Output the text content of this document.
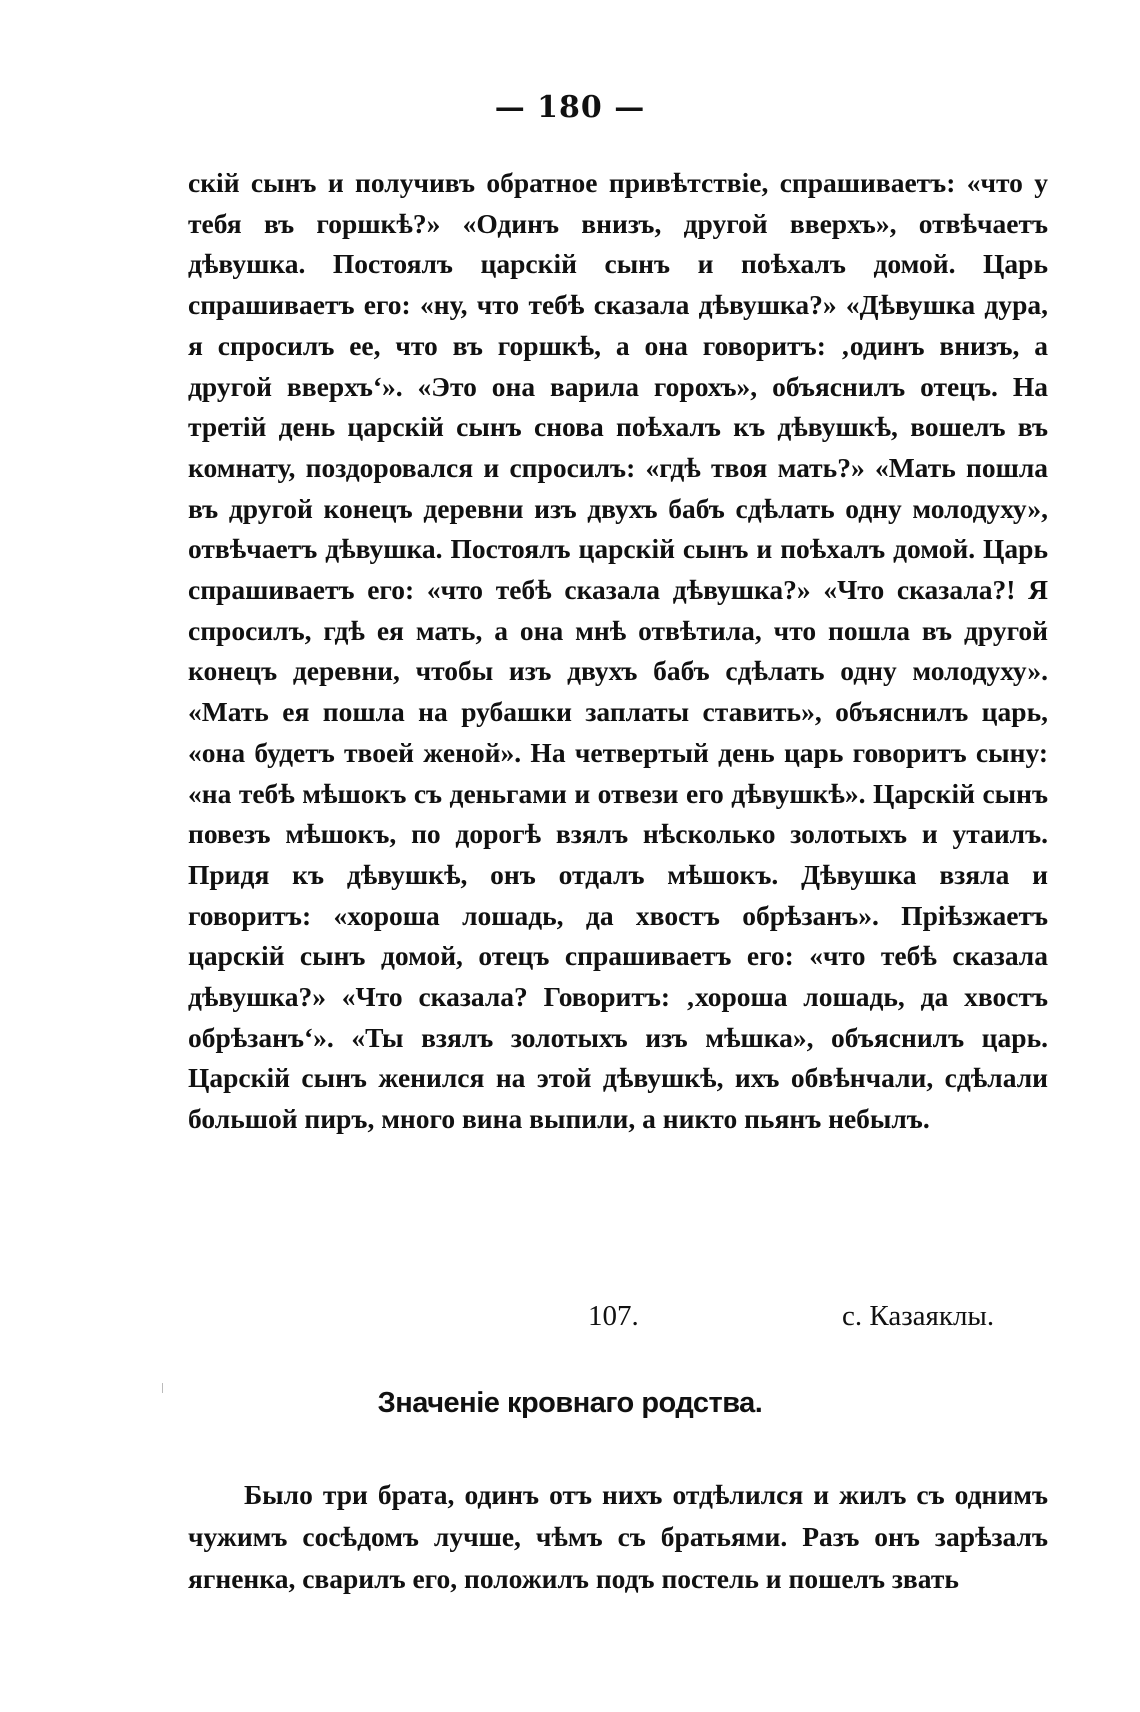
— 180 —

скій сынъ и получивъ обратное привѣтствіе, спрашиваетъ: «что у тебя въ горшкѣ?» «Одинъ внизъ, другой вверхъ», отвѣчаетъ дѣвушка. Постоялъ царскій сынъ и поѣхалъ домой. Царь спрашиваетъ его: «ну, что тебѣ сказала дѣвушка?» «Дѣвушка дура, я спросилъ ее, что въ горшкѣ, а она говоритъ: ‚одинъ внизъ, а другой вверхъ‘». «Это она варила горохъ», объяснилъ отецъ. На третій день царскій сынъ снова поѣхалъ къ дѣвушкѣ, вошелъ въ комнату, поздоровался и спросилъ: «гдѣ твоя мать?» «Мать пошла въ другой конецъ деревни изъ двухъ бабъ сдѣлать одну молодуху», отвѣчаетъ дѣвушка. Постоялъ царскій сынъ и поѣхалъ домой. Царь спрашиваетъ его: «что тебѣ сказала дѣвушка?» «Что сказала?! Я спросилъ, гдѣ ея мать, а она мнѣ отвѣтила, что пошла въ другой конецъ деревни, чтобы изъ двухъ бабъ сдѣлать одну молодуху». «Мать ея пошла на рубашки заплаты ставить», объяснилъ царь, «она будетъ твоей женой». На четвертый день царь говоритъ сыну: «на тебѣ мѣшокъ съ деньгами и отвези его дѣвушкѣ». Царскій сынъ повезъ мѣшокъ, по дорогѣ взялъ нѣсколько золотыхъ и утаилъ. Придя къ дѣвушкѣ, онъ отдалъ мѣшокъ. Дѣвушка взяла и говоритъ: «хороша лошадь, да хвостъ обрѣзанъ». Пріѣзжаетъ царскій сынъ домой, отецъ спрашиваетъ его: «что тебѣ сказала дѣвушка?» «Что сказала? Говоритъ: ‚хороша лошадь, да хвостъ обрѣзанъ‘». «Ты взялъ золотыхъ изъ мѣшка», объяснилъ царь. Царскій сынъ женился на этой дѣвушкѣ, ихъ обвѣнчали, сдѣлали большой пиръ, много вина выпили, а никто пьянъ небылъ.

107.	с. Казаяклы.
Значеніе кровнаго родства.

Было три брата, одинъ отъ нихъ отдѣлился и жилъ съ однимъ чужимъ сосѣдомъ лучше, чѣмъ съ братьями. Разъ онъ зарѣзалъ ягненка, сварилъ его, положилъ подъ постель и пошелъ звать
